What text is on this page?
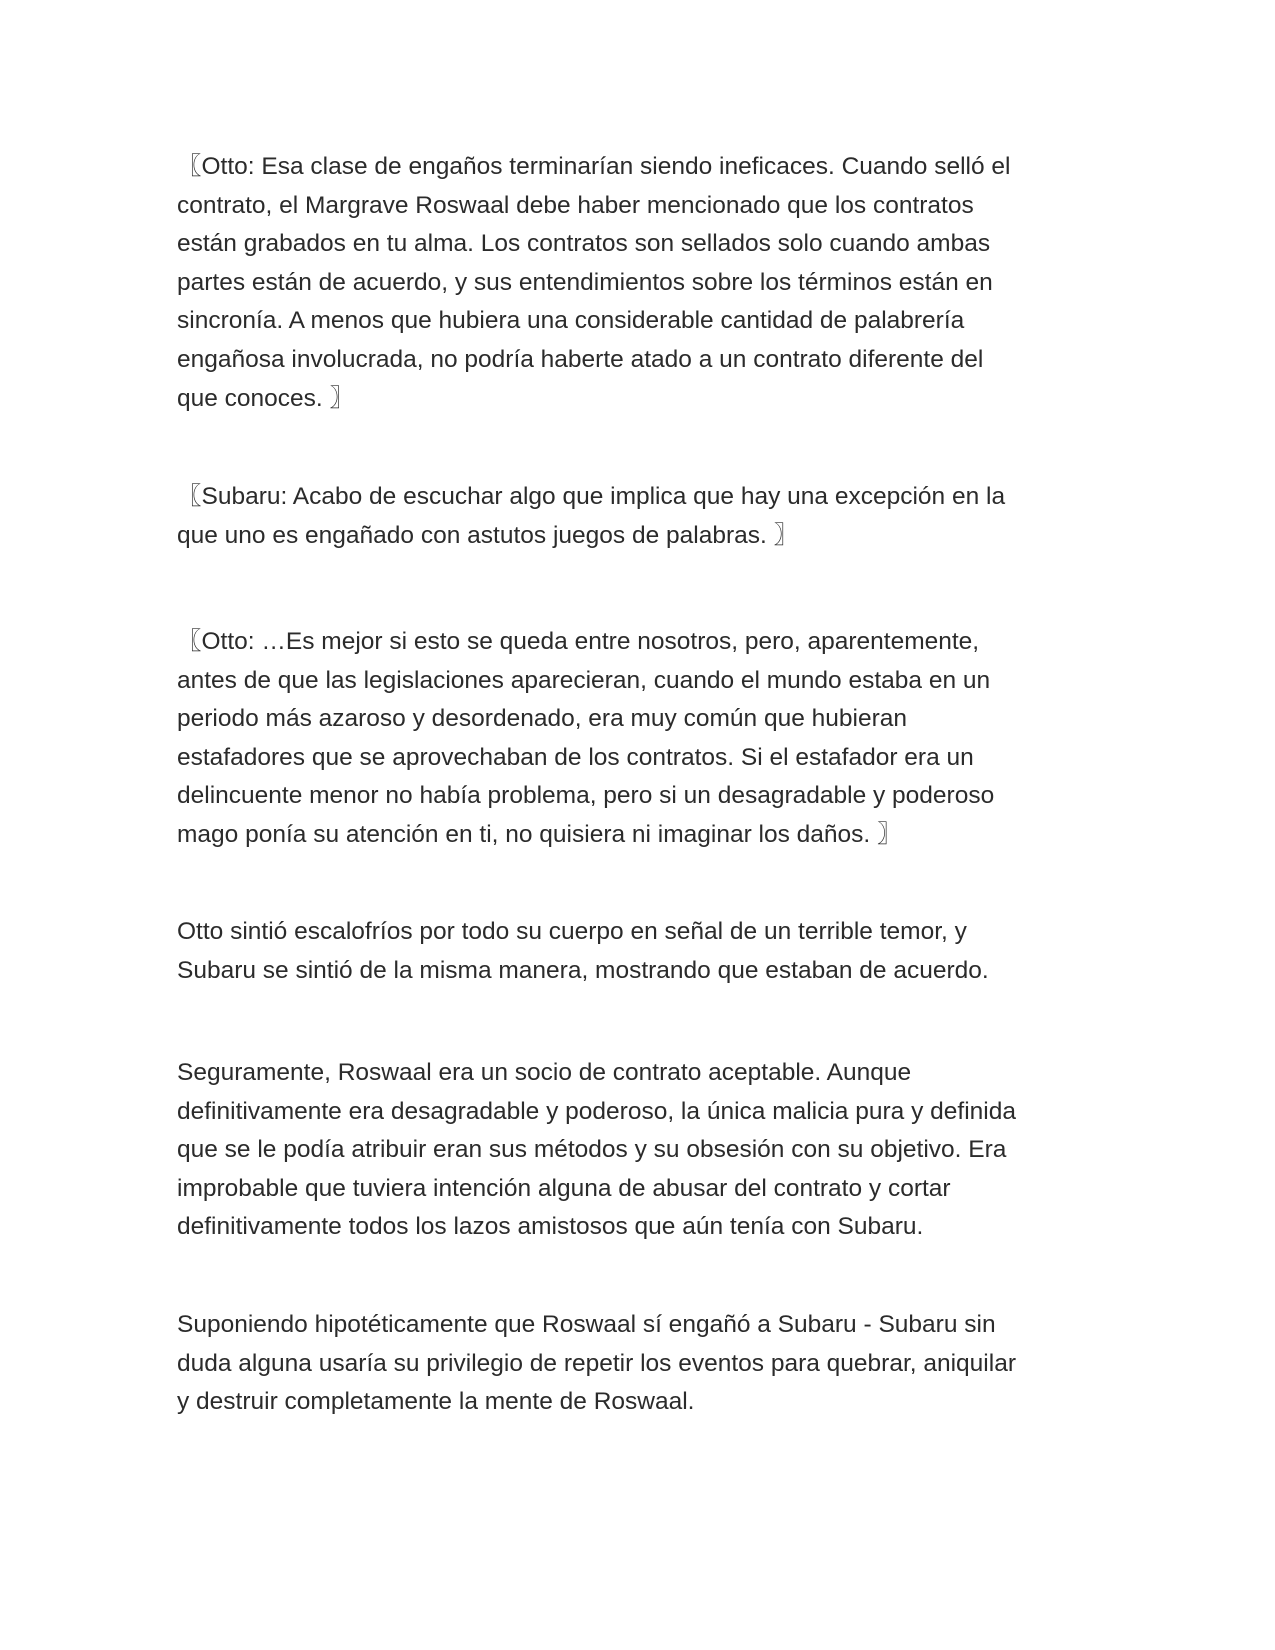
〖Otto: Esa clase de engaños terminarían siendo ineficaces. Cuando selló el
contrato, el Margrave Roswaal debe haber mencionado que los contratos
están grabados en tu alma. Los contratos son sellados solo cuando ambas
partes están de acuerdo, y sus entendimientos sobre los términos están en
sincronía. A menos que hubiera una considerable cantidad de palabrería
engañosa involucrada, no podría haberte atado a un contrato diferente del
que conoces. 〗

〖Subaru: Acabo de escuchar algo que implica que hay una excepción en la
que uno es engañado con astutos juegos de palabras. 〗

〖Otto: …Es mejor si esto se queda entre nosotros, pero, aparentemente,
antes de que las legislaciones aparecieran, cuando el mundo estaba en un
periodo más azaroso y desordenado, era muy común que hubieran
estafadores que se aprovechaban de los contratos. Si el estafador era un
delincuente menor no había problema, pero si un desagradable y poderoso
mago ponía su atención en ti, no quisiera ni imaginar los daños. 〗

Otto sintió escalofríos por todo su cuerpo en señal de un terrible temor, y
Subaru se sintió de la misma manera, mostrando que estaban de acuerdo.

Seguramente, Roswaal era un socio de contrato aceptable. Aunque
definitivamente era desagradable y poderoso, la única malicia pura y definida
que se le podía atribuir eran sus métodos y su obsesión con su objetivo. Era
improbable que tuviera intención alguna de abusar del contrato y cortar
definitivamente todos los lazos amistosos que aún tenía con Subaru.

Suponiendo hipotéticamente que Roswaal sí engañó a Subaru - Subaru sin
duda alguna usaría su privilegio de repetir los eventos para quebrar, aniquilar
y destruir completamente la mente de Roswaal.
